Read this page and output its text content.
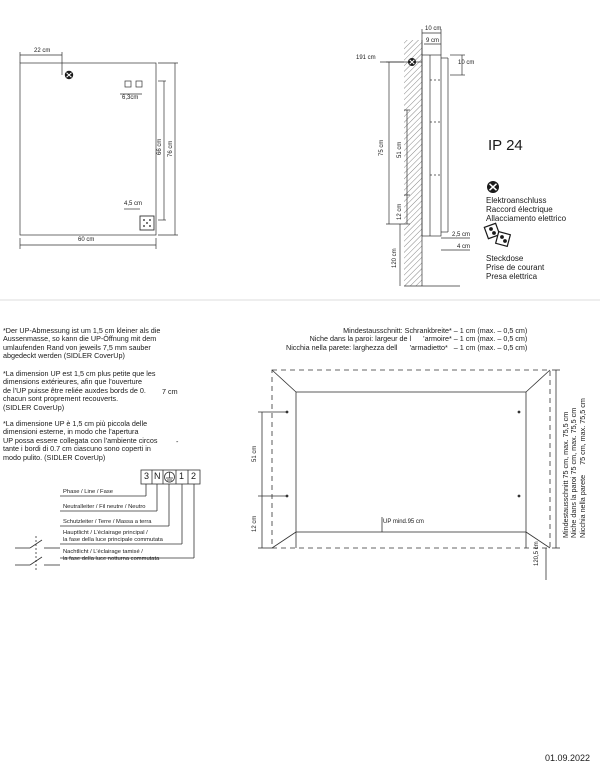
22 cm
6,3cm
66 cm 76 cm
4,5 cm
60 cm
10 cm
9 cm
191 cm
10 cm
75 cm 51 cm
12 cm
2,5 cm
4 cm
120 cm
IP 24
Elektroanschluss
Raccord électrique
Allacciamento elettrico
Steckdose
Prise de courant
Presa elettrica
*Der UP-Abmessung ist um 1,5 cm kleiner als die
Aussenmasse, so kann die UP-Öffnung mit dem
umlaufenden Rand von jeweils 7,5 mm sauber
abgedeckt werden (SIDLER CoverUp)
*La dimension UP est 1,5 cm plus petite que les
dimensions extérieures, afin que l’ouverture
de l’UP puisse être reliée auxdes bords de 0.
chacun sont proprement recouverts.
(SIDLER CoverUp)
7 cm
*La dimensione UP è 1,5 cm più piccola delle
dimensioni esterne, in modo che l’apertura
UP possa essere collegata con l’ambiente circos
tante i bordi di 0.7 cm ciascuno sono coperti in
modo pulito. (SIDLER CoverUp)
-
3 N 1 2
Phase / Line / Fase
Neutralleiter / Fil neutre / Neutro
Schutzleiter / Terre / Massa a terra
Hauptlicht / L’éclairage principal /
la fase della luce principale commutata
Nachtlicht / L’éclairage tamisé /
la fase della luce notturna commutata
Mindestausschnitt: Schrankbreite* – 1 cm (max. – 0,5 cm)
Niche dans la paroi: largeur de l      ’armoire* – 1 cm (max. – 0,5 cm)
Nicchia nella parete: larghezza dell      ’armadietto*   – 1 cm (max. – 0,5 cm)
51 cm
12 cm	UP mind.95 cm
120,5 cm
Mindestausschnitt 75 cm, max. 75,5 cm
Niche dans la paroi 75 cm, max. 75,5 cm
Nicchia nella parete     75 cm, max. 75,5 cm
01.09.2022
